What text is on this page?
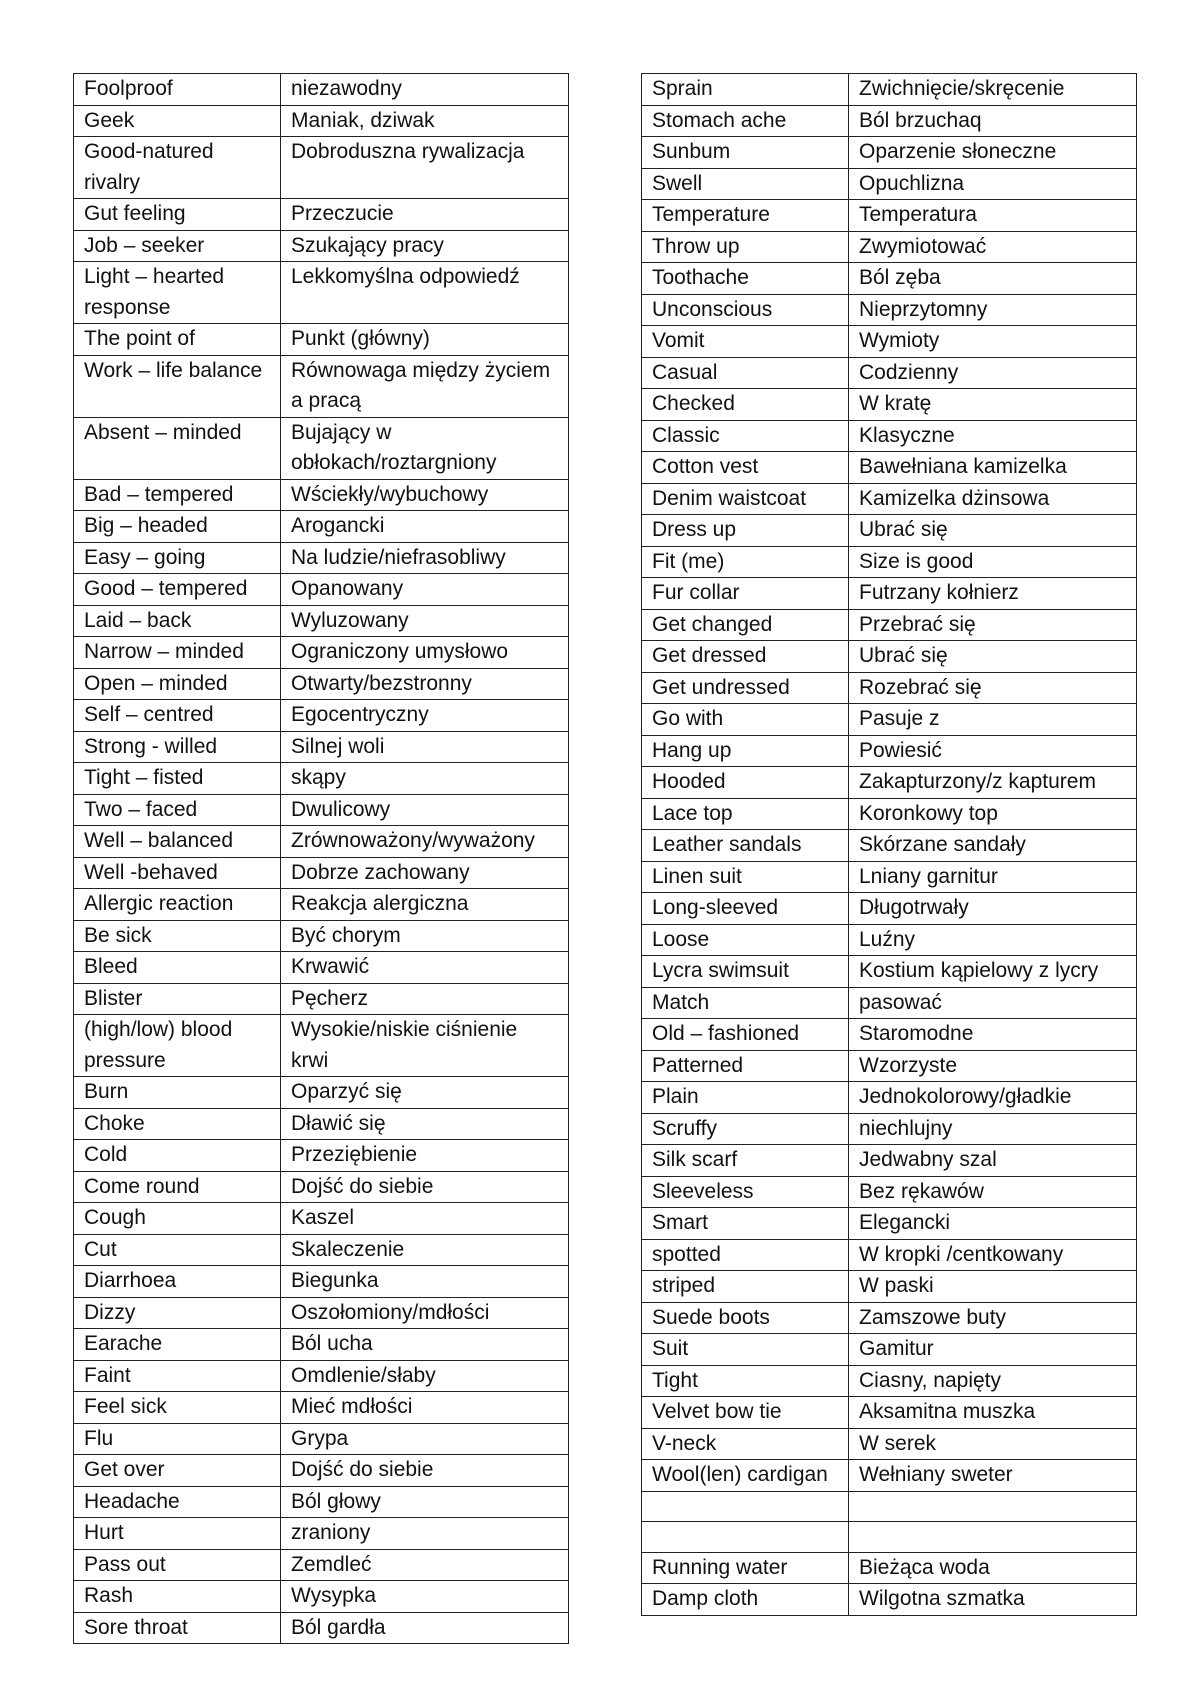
Foolproof	niezawodny
Geek	Maniak, dziwak
Good-natured rivalry	Dobroduszna rywalizacja
Gut feeling	Przeczucie
Job – seeker	Szukający pracy
Light – hearted response	Lekkomyślna odpowiedź
The point of	Punkt (główny)
Work – life balance	Równowaga między życiem a pracą
Absent – minded	Bujający w obłokach/roztargniony
Bad – tempered	Wściekły/wybuchowy
Big – headed	Arogancki
Easy – going	Na ludzie/niefrasobliwy
Good – tempered	Opanowany
Laid – back	Wyluzowany
Narrow – minded	Ograniczony umysłowo
Open – minded	Otwarty/bezstronny
Self – centred	Egocentryczny
Strong - willed	Silnej woli
Tight – fisted	skąpy
Two – faced	Dwulicowy
Well – balanced	Zrównoważony/wyważony
Well -behaved	Dobrze zachowany
Allergic reaction	Reakcja alergiczna
Be sick	Być chorym
Bleed	Krwawić
Blister	Pęcherz
(high/low) blood pressure	Wysokie/niskie ciśnienie krwi
Burn	Oparzyć się
Choke	Dławić się
Cold	Przeziębienie
Come round	Dojść do siebie
Cough	Kaszel
Cut	Skaleczenie
Diarrhoea	Biegunka
Dizzy	Oszołomiony/mdłości
Earache	Ból ucha
Faint	Omdlenie/słaby
Feel sick	Mieć mdłości
Flu	Grypa
Get over	Dojść do siebie
Headache	Ból głowy
Hurt	zraniony
Pass out	Zemdleć
Rash	Wysypka
Sore throat	Ból gardła
Sprain	Zwichnięcie/skręcenie
Stomach ache	Ból brzuchaq
Sunbum	Oparzenie słoneczne
Swell	Opuchlizna
Temperature	Temperatura
Throw up	Zwymiotować
Toothache	Ból zęba
Unconscious	Nieprzytomny
Vomit	Wymioty
Casual	Codzienny
Checked	W kratę
Classic	Klasyczne
Cotton vest	Bawełniana kamizelka
Denim waistcoat	Kamizelka dżinsowa
Dress up	Ubrać się
Fit (me)	Size is good
Fur collar	Futrzany kołnierz
Get changed	Przebrać się
Get dressed	Ubrać się
Get undressed	Rozebrać się
Go with	Pasuje z
Hang up	Powiesić
Hooded	Zakapturzony/z kapturem
Lace top	Koronkowy top
Leather sandals	Skórzane sandały
Linen suit	Lniany garnitur
Long-sleeved	Długotrwały
Loose	Luźny
Lycra swimsuit	Kostium kąpielowy z lycry
Match	pasować
Old – fashioned	Staromodne
Patterned	Wzorzyste
Plain	Jednokolorowy/gładkie
Scruffy	niechlujny
Silk scarf	Jedwabny szal
Sleeveless	Bez rękawów
Smart	Elegancki
spotted	W kropki /centkowany
striped	W paski
Suede boots	Zamszowe buty
Suit	Gamitur
Tight	Ciasny, napięty
Velvet bow tie	Aksamitna muszka
V-neck	W serek
Wool(len) cardigan	Wełniany sweter

Running water	Bieżąca woda
Damp cloth	Wilgotna szmatka
